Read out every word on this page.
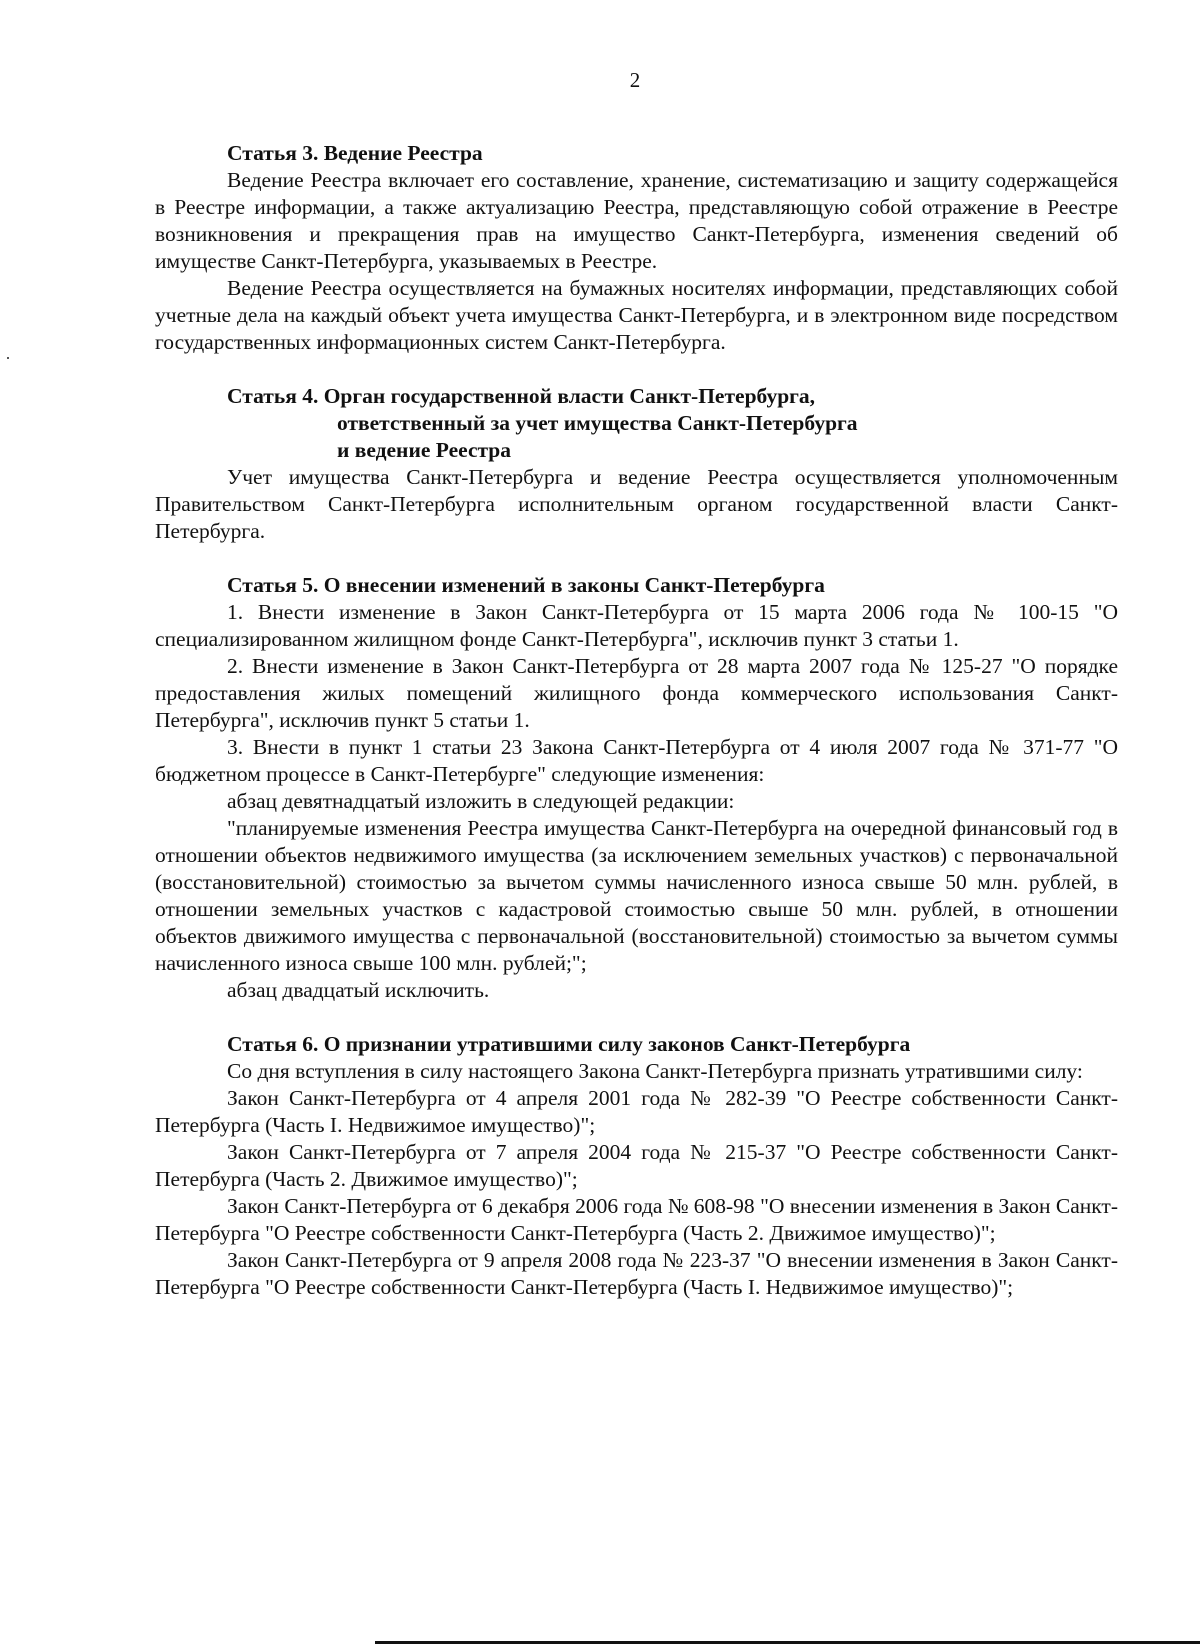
2
Статья 3. Ведение Реестра

Ведение Реестра включает его составление, хранение, систематизацию и защиту содержащейся в Реестре информации, а также актуализацию Реестра, представляющую собой отражение в Реестре возникновения и прекращения прав на имущество Санкт-Петербурга, изменения сведений об имуществе Санкт-Петербурга, указываемых в Реестре.

Ведение Реестра осуществляется на бумажных носителях информации, представляющих собой учетные дела на каждый объект учета имущества Санкт-Петербурга, и в электронном виде посредством государственных информационных систем Санкт-Петербурга.

Статья 4. Орган государственной власти Санкт-Петербурга,
ответственный за учет имущества Санкт-Петербурга
и ведение Реестра

Учет имущества Санкт-Петербурга и ведение Реестра осуществляется уполномоченным Правительством Санкт-Петербурга исполнительным органом государственной власти Санкт-Петербурга.

Статья 5. О внесении изменений в законы Санкт-Петербурга

1. Внести изменение в Закон Санкт-Петербурга от 15 марта 2006 года № 100-15 "О специализированном жилищном фонде Санкт-Петербурга", исключив пункт 3 статьи 1.

2. Внести изменение в Закон Санкт-Петербурга от 28 марта 2007 года № 125-27 "О порядке предоставления жилых помещений жилищного фонда коммерческого использования Санкт-Петербурга", исключив пункт 5 статьи 1.

3. Внести в пункт 1 статьи 23 Закона Санкт-Петербурга от 4 июля 2007 года № 371-77 "О бюджетном процессе в Санкт-Петербурге" следующие изменения:

абзац девятнадцатый изложить в следующей редакции:

"планируемые изменения Реестра имущества Санкт-Петербурга на очередной финансовый год в отношении объектов недвижимого имущества (за исключением земельных участков) с первоначальной (восстановительной) стоимостью за вычетом суммы начисленного износа свыше 50 млн. рублей, в отношении земельных участков с кадастровой стоимостью свыше 50 млн. рублей, в отношении объектов движимого имущества с первоначальной (восстановительной) стоимостью за вычетом суммы начисленного износа свыше 100 млн. рублей;";

абзац двадцатый исключить.

Статья 6. О признании утратившими силу законов Санкт-Петербурга

Со дня вступления в силу настоящего Закона Санкт-Петербурга признать утратившими силу:

Закон Санкт-Петербурга от 4 апреля 2001 года № 282-39 "О Реестре собственности Санкт-Петербурга (Часть I. Недвижимое имущество)";

Закон Санкт-Петербурга от 7 апреля 2004 года № 215-37 "О Реестре собственности Санкт-Петербурга (Часть 2. Движимое имущество)";

Закон Санкт-Петербурга от 6 декабря 2006 года № 608-98 "О внесении изменения в Закон Санкт-Петербурга "О Реестре собственности Санкт-Петербурга (Часть 2. Движимое имущество)";

Закон Санкт-Петербурга от 9 апреля 2008 года № 223-37 "О внесении изменения в Закон Санкт-Петербурга "О Реестре собственности Санкт-Петербурга (Часть I. Недвижимое имущество)";
